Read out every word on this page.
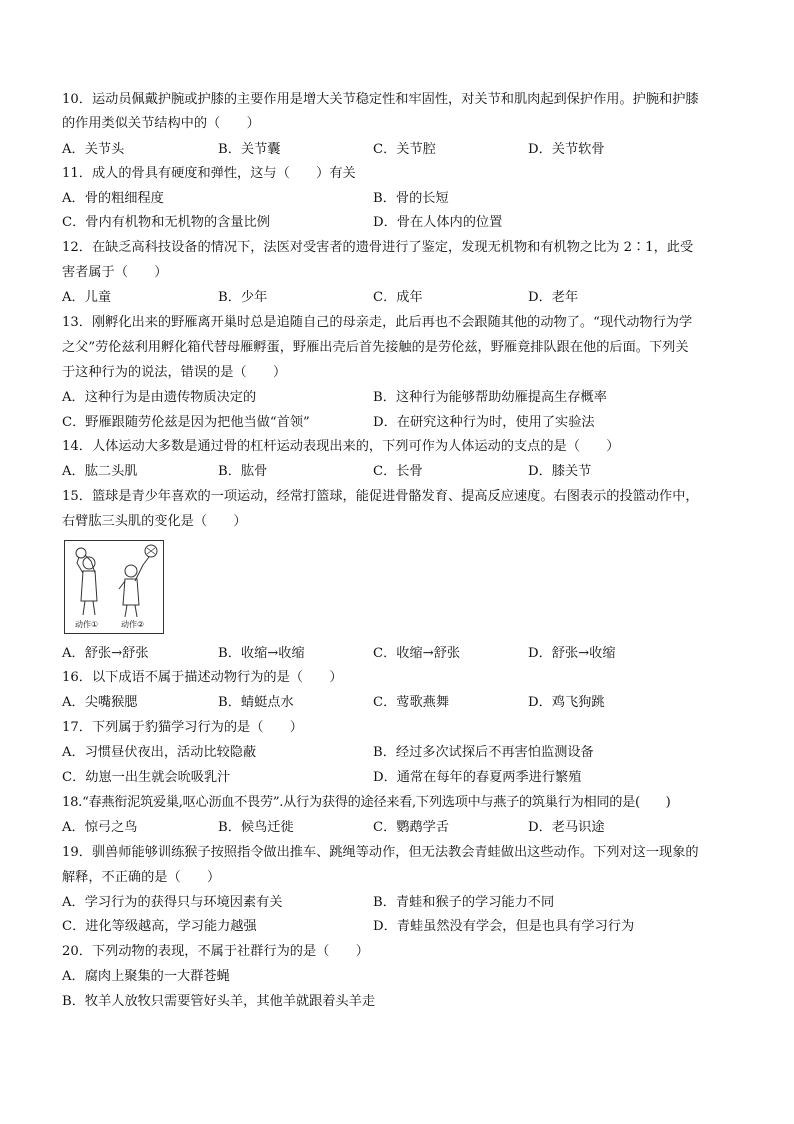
10．运动员佩戴护腕或护膝的主要作用是增大关节稳定性和牢固性，对关节和肌肉起到保护作用。护腕和护膝
的作用类似关节结构中的（　　）
A．关节头	B．关节囊	C．关节腔	D．关节软骨
11．成人的骨具有硬度和弹性，这与（　　）有关
A．骨的粗细程度	B．骨的长短
C．骨内有机物和无机物的含量比例	D．骨在人体内的位置
12．在缺乏高科技设备的情况下，法医对受害者的遗骨进行了鉴定，发现无机物和有机物之比为 2∶1，此受
害者属于（　　）
A．儿童	B．少年	C．成年	D．老年
13．刚孵化出来的野雁离开巢时总是追随自己的母亲走，此后再也不会跟随其他的动物了。“现代动物行为学
之父”劳伦兹利用孵化箱代替母雁孵蛋，野雁出壳后首先接触的是劳伦兹，野雁竟排队跟在他的后面。下列关
于这种行为的说法，错误的是（　　）
A．这种行为是由遗传物质决定的	B．这种行为能够帮助幼雁提高生存概率
C．野雁跟随劳伦兹是因为把他当做“首领”	D．在研究这种行为时，使用了实验法
14．人体运动大多数是通过骨的杠杆运动表现出来的，下列可作为人体运动的支点的是（　　）
A．肱二头肌	B．肱骨	C．长骨	D．膝关节
15．篮球是青少年喜欢的一项运动，经常打篮球，能促进骨骼发育、提高反应速度。右图表示的投篮动作中，
右臂肱三头肌的变化是（　　）
动作①	动作②
A．舒张→舒张	B．收缩→收缩	C．收缩→舒张	D．舒张→收缩
16．以下成语不属于描述动物行为的是（　　）
A．尖嘴猴腮	B．蜻蜓点水	C．莺歌燕舞	D．鸡飞狗跳
17．下列属于豹猫学习行为的是（　　）
A．习惯昼伏夜出，活动比较隐蔽	B．经过多次试探后不再害怕监测设备
C．幼崽一出生就会吮吸乳汁	D．通常在每年的春夏两季进行繁殖
18.“春燕衔泥筑爱巢,呕心沥血不畏劳”.从行为获得的途径来看,下列选项中与燕子的筑巢行为相同的是(　　)
A．惊弓之鸟	B．候鸟迁徙	C．鹦鹉学舌	D．老马识途
19．驯兽师能够训练猴子按照指令做出推车、跳绳等动作，但无法教会青蛙做出这些动作。下列对这一现象的
解释，不正确的是（　　）
A．学习行为的获得只与环境因素有关	B．青蛙和猴子的学习能力不同
C．进化等级越高，学习能力越强	D．青蛙虽然没有学会，但是也具有学习行为
20．下列动物的表现，不属于社群行为的是（　　）
A．腐肉上聚集的一大群苍蝇
B．牧羊人放牧只需要管好头羊，其他羊就跟着头羊走
